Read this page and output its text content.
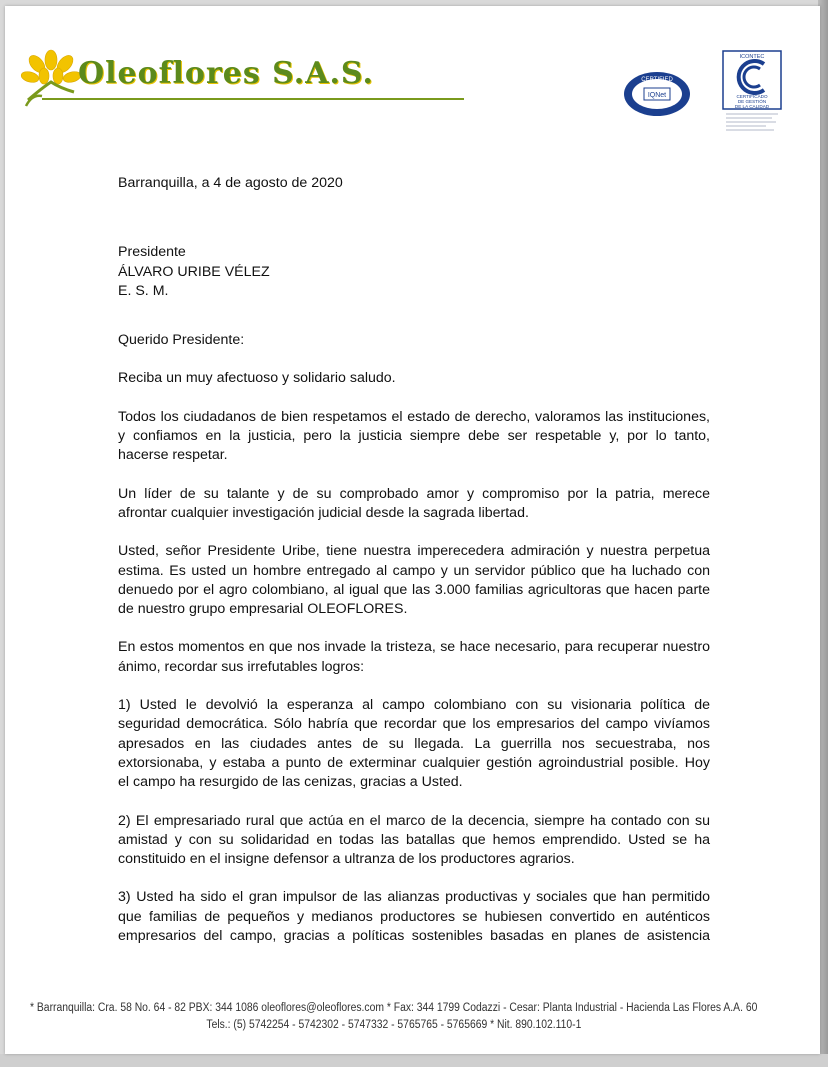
Oleoflores S.A.S.	CERTIFIED
IQNet
ICONTEC
CERTIFICADO
DE GESTIÓN
DE LA CALIDAD
Barranquilla, a 4 de agosto de 2020
Presidente
ÁLVARO URIBE VÉLEZ
E. S. M.
Querido Presidente:
Reciba un muy afectuoso y solidario saludo.
Todos los ciudadanos de bien respetamos el estado de derecho, valoramos las instituciones,
y confiamos en la justicia, pero la justicia siempre debe ser respetable y, por lo tanto,
hacerse respetar.
Un líder de su talante y de su comprobado amor y compromiso por la patria, merece
afrontar cualquier investigación judicial desde la sagrada libertad.
Usted, señor Presidente Uribe, tiene nuestra imperecedera admiración y nuestra perpetua
estima. Es usted un hombre entregado al campo y un servidor público que ha luchado con
denuedo por el agro colombiano, al igual que las 3.000 familias agricultoras que hacen parte
de nuestro grupo empresarial OLEOFLORES.
En estos momentos en que nos invade la tristeza, se hace necesario, para recuperar nuestro
ánimo, recordar sus irrefutables logros:
1) Usted le devolvió la esperanza al campo colombiano con su visionaria política de
seguridad democrática. Sólo habría que recordar que los empresarios del campo vivíamos
apresados en las ciudades antes de su llegada. La guerrilla nos secuestraba, nos
extorsionaba, y estaba a punto de exterminar cualquier gestión agroindustrial posible. Hoy
el campo ha resurgido de las cenizas, gracias a Usted.
2) El empresariado rural que actúa en el marco de la decencia, siempre ha contado con su
amistad y con su solidaridad en todas las batallas que hemos emprendido. Usted se ha
constituido en el insigne defensor a ultranza de los productores agrarios.
3) Usted ha sido el gran impulsor de las alianzas productivas y sociales que han permitido
que familias de pequeños y medianos productores se hubiesen convertido en auténticos
empresarios del campo, gracias a políticas sostenibles basadas en planes de asistencia
* Barranquilla: Cra. 58 No. 64 - 82 PBX: 344 1086 oleoflores@oleoflores.com * Fax: 344 1799 Codazzi - Cesar: Planta Industrial - Hacienda Las Flores A.A. 60
Tels.: (5) 5742254 - 5742302 - 5747332 - 5765765 - 5765669 * Nit. 890.102.110-1
